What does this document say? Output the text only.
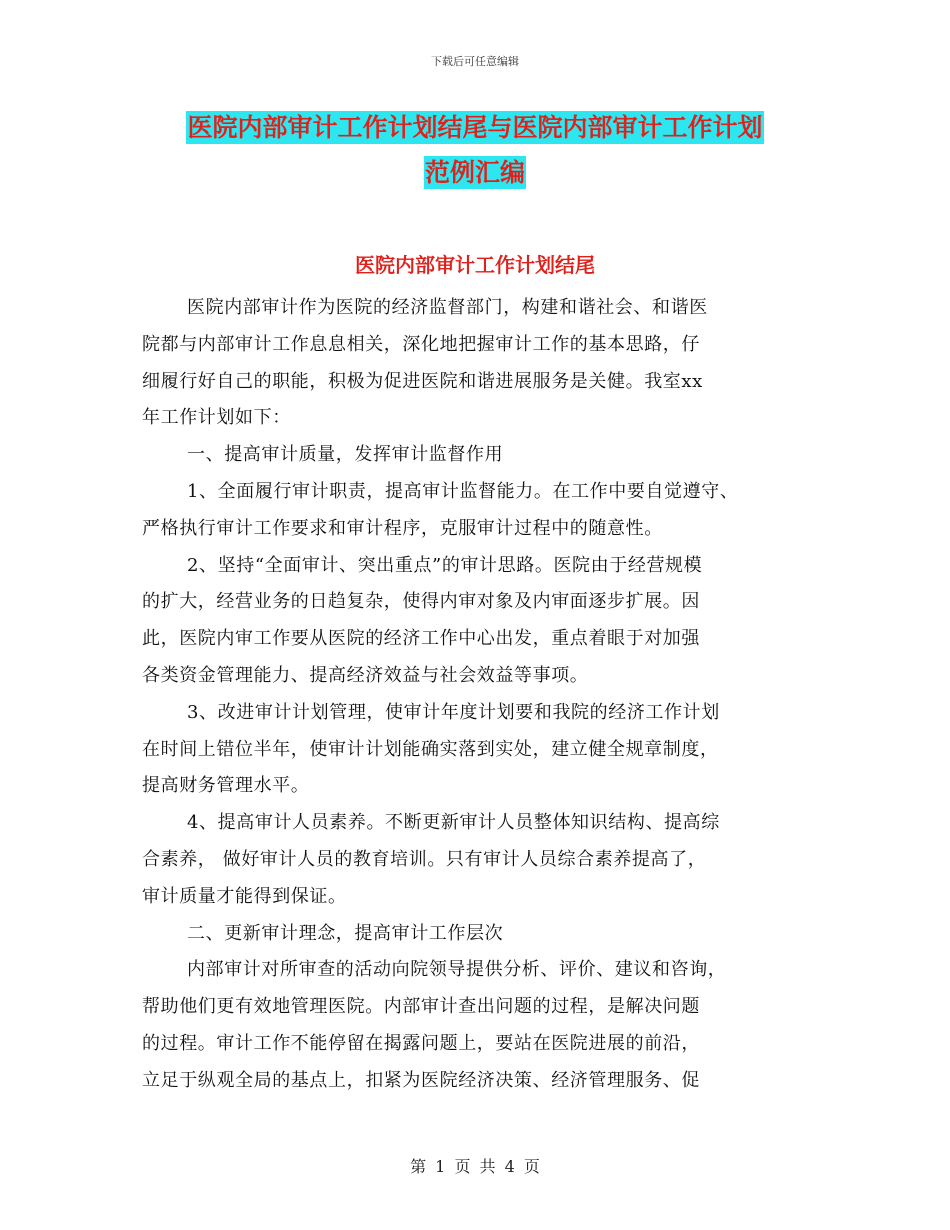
下载后可任意编辑
医院内部审计工作计划结尾与医院内部审计工作计划
范例汇编
医院内部审计工作计划结尾
医院内部审计作为医院的经济监督部门，构建和谐社会、和谐医
院都与内部审计工作息息相关，深化地把握审计工作的基本思路，仔
细履行好自己的职能，积极为促进医院和谐进展服务是关健。我室xx
年工作计划如下：
一、提高审计质量，发挥审计监督作用
1、全面履行审计职责，提高审计监督能力。在工作中要自觉遵守、
严格执行审计工作要求和审计程序，克服审计过程中的随意性。
2、坚持“全面审计、突出重点”的审计思路。医院由于经营规模
的扩大，经营业务的日趋复杂，使得内审对象及内审面逐步扩展。因
此，医院内审工作要从医院的经济工作中心出发，重点着眼于对加强
各类资金管理能力、提高经济效益与社会效益等事项。
3、改进审计计划管理，使审计年度计划要和我院的经济工作计划
在时间上错位半年，使审计计划能确实落到实处，建立健全规章制度，
提高财务管理水平。
4、提高审计人员素养。不断更新审计人员整体知识结构、提高综
合素养， 做好审计人员的教育培训。只有审计人员综合素养提高了，
审计质量才能得到保证。
二、更新审计理念，提高审计工作层次
内部审计对所审查的活动向院领导提供分析、评价、建议和咨询，
帮助他们更有效地管理医院。内部审计查出问题的过程，是解决问题
的过程。审计工作不能停留在揭露问题上，要站在医院进展的前沿，
立足于纵观全局的基点上，扣紧为医院经济决策、经济管理服务、促
第 1 页 共 4 页
